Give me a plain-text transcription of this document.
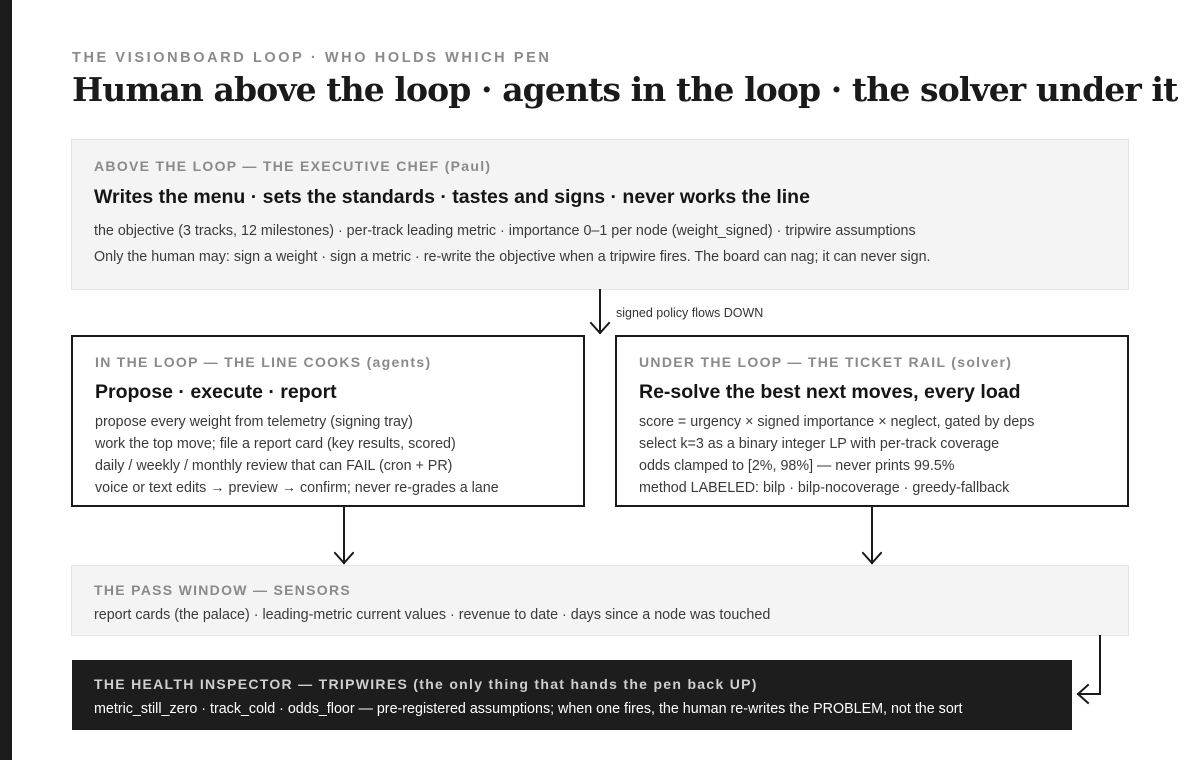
THE VISIONBOARD LOOP · WHO HOLDS WHICH PEN
Human above the loop · agents in the loop · the solver under it
ABOVE THE LOOP — THE EXECUTIVE CHEF (Paul)
Writes the menu · sets the standards · tastes and signs · never works the line
the objective (3 tracks, 12 milestones) · per-track leading metric · importance 0–1 per node (weight_signed) · tripwire assumptions
Only the human may: sign a weight · sign a metric · re-write the objective when a tripwire fires. The board can nag; it can never sign.
IN THE LOOP — THE LINE COOKS (agents)
Propose · execute · report
propose every weight from telemetry (signing tray)
work the top move; file a report card (key results, scored)
daily / weekly / monthly review that can FAIL (cron + PR)
voice or text edits → preview → confirm; never re-grades a lane
UNDER THE LOOP — THE TICKET RAIL (solver)
Re-solve the best next moves, every load
score = urgency × signed importance × neglect, gated by deps
select k=3 as a binary integer LP with per-track coverage
odds clamped to [2%, 98%] — never prints 99.5%
method LABELED: bilp · bilp-nocoverage · greedy-fallback
THE PASS WINDOW — SENSORS
report cards (the palace) · leading-metric current values · revenue to date · days since a node was touched
THE HEALTH INSPECTOR — TRIPWIRES (the only thing that hands the pen back UP)
metric_still_zero · track_cold · odds_floor — pre-registered assumptions; when one fires, the human re-writes the PROBLEM, not the sort
signed policy flows DOWN
